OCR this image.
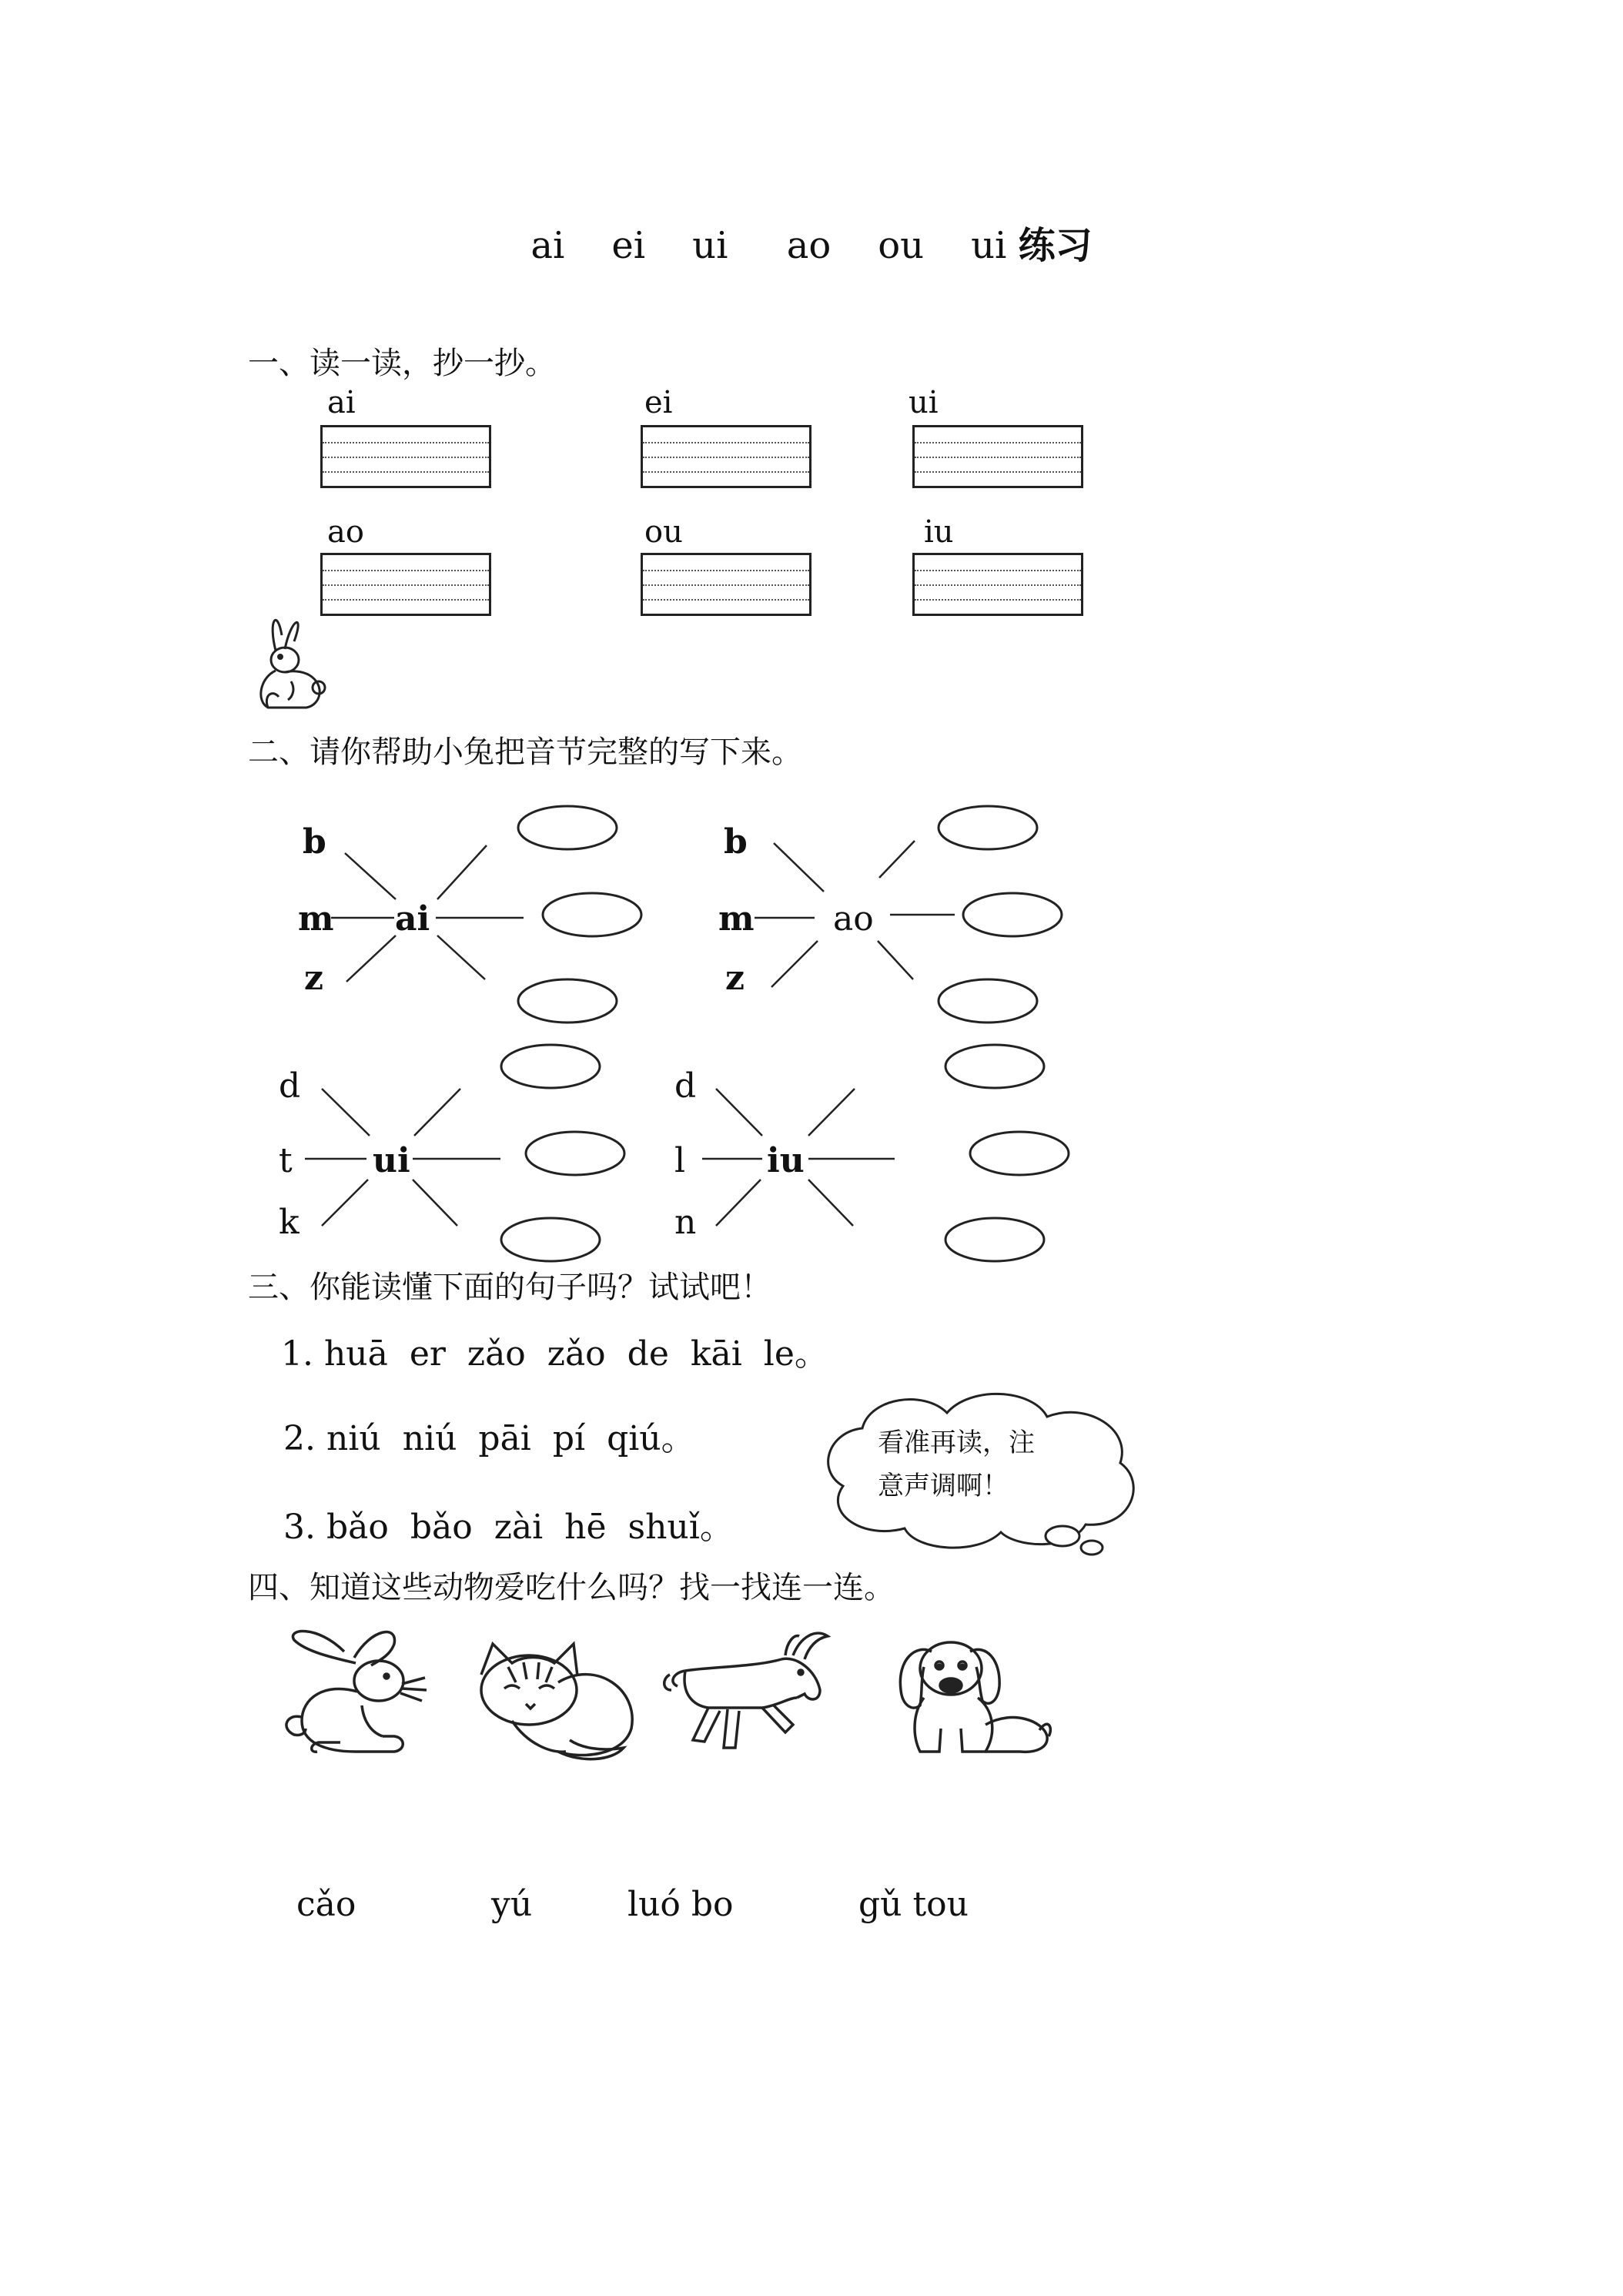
ai    ei    ui     ao    ou    ui 练习
一、读一读，抄一抄。
ai	ei	ui
ao	ou	iu
二、请你帮助小兔把音节完整的写下来。
b
m
z
ai
b
m
z
ao
d
t
k
ui
d
l
n
iu
三、你能读懂下面的句子吗？试试吧！
1. huā  er  zǎo  zǎo  de  kāi  le。
2. niú  niú  pāi  pí  qiú。
3. bǎo  bǎo  zài  hē  shuǐ。
看准再读，注
意声调啊！
四、知道这些动物爱吃什么吗？找一找连一连。
cǎo	yú	luó bo	gǔ tou
